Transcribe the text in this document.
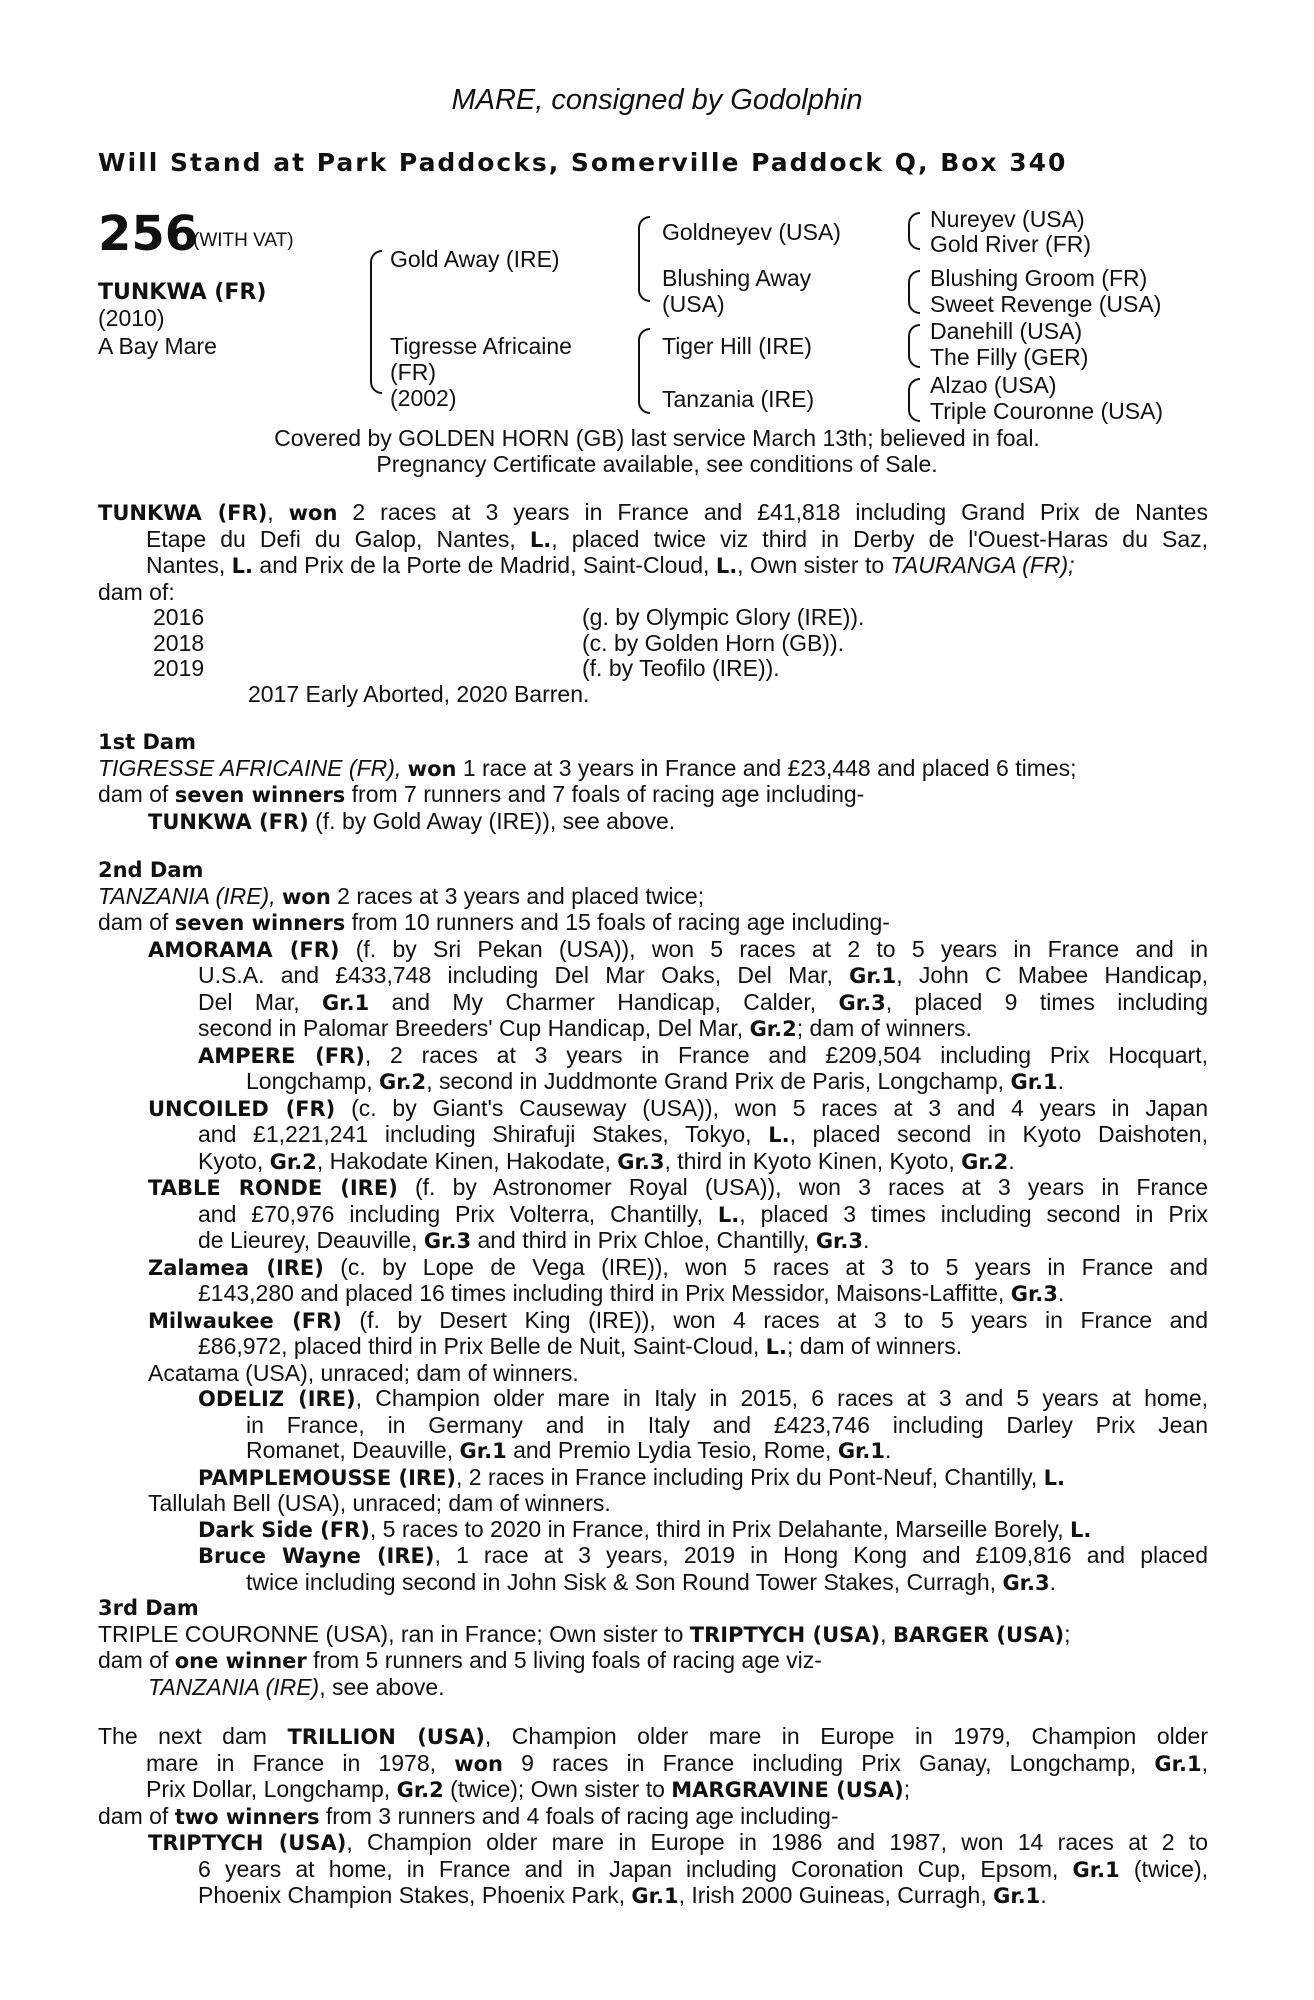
MARE, consigned by Godolphin
Will Stand at Park Paddocks, Somerville Paddock Q, Box 340
256
(WITH VAT)
TUNKWA (FR)
(2010)
A Bay Mare
Gold Away (IRE)
Tigresse Africaine
(FR)
(2002)
Goldneyev (USA)
Blushing Away
(USA)
Tiger Hill (IRE)
Tanzania (IRE)
Nureyev (USA)
Gold River (FR)
Blushing Groom (FR)
Sweet Revenge (USA)
Danehill (USA)
The Filly (GER)
Alzao (USA)
Triple Couronne (USA)
Covered by GOLDEN HORN (GB) last service March 13th; believed in foal.
Pregnancy Certificate available, see conditions of Sale.
TUNKWA (FR), won 2 races at 3 years in France and £41,818 including Grand Prix de Nantes
Etape du Defi du Galop, Nantes, L., placed twice viz third in Derby de l'Ouest-Haras du Saz,
Nantes, L. and Prix de la Porte de Madrid, Saint-Cloud, L., Own sister to TAURANGA (FR);
dam of:
2016	(g. by Olympic Glory (IRE)).
2018	(c. by Golden Horn (GB)).
2019	(f. by Teofilo (IRE)).
2017 Early Aborted, 2020 Barren.
1st Dam
TIGRESSE AFRICAINE (FR), won 1 race at 3 years in France and £23,448 and placed 6 times;
dam of seven winners from 7 runners and 7 foals of racing age including-
TUNKWA (FR) (f. by Gold Away (IRE)), see above.
2nd Dam
TANZANIA (IRE), won 2 races at 3 years and placed twice;
dam of seven winners from 10 runners and 15 foals of racing age including-
AMORAMA (FR) (f. by Sri Pekan (USA)), won 5 races at 2 to 5 years in France and in
U.S.A. and £433,748 including Del Mar Oaks, Del Mar, Gr.1, John C Mabee Handicap,
Del Mar, Gr.1 and My Charmer Handicap, Calder, Gr.3, placed 9 times including
second in Palomar Breeders' Cup Handicap, Del Mar, Gr.2; dam of winners.
AMPERE (FR), 2 races at 3 years in France and £209,504 including Prix Hocquart,
Longchamp, Gr.2, second in Juddmonte Grand Prix de Paris, Longchamp, Gr.1.
UNCOILED (FR) (c. by Giant's Causeway (USA)), won 5 races at 3 and 4 years in Japan
and £1,221,241 including Shirafuji Stakes, Tokyo, L., placed second in Kyoto Daishoten,
Kyoto, Gr.2, Hakodate Kinen, Hakodate, Gr.3, third in Kyoto Kinen, Kyoto, Gr.2.
TABLE RONDE (IRE) (f. by Astronomer Royal (USA)), won 3 races at 3 years in France
and £70,976 including Prix Volterra, Chantilly, L., placed 3 times including second in Prix
de Lieurey, Deauville, Gr.3 and third in Prix Chloe, Chantilly, Gr.3.
Zalamea (IRE) (c. by Lope de Vega (IRE)), won 5 races at 3 to 5 years in France and
£143,280 and placed 16 times including third in Prix Messidor, Maisons-Laffitte, Gr.3.
Milwaukee (FR) (f. by Desert King (IRE)), won 4 races at 3 to 5 years in France and
£86,972, placed third in Prix Belle de Nuit, Saint-Cloud, L.; dam of winners.
Acatama (USA), unraced; dam of winners.
ODELIZ (IRE), Champion older mare in Italy in 2015, 6 races at 3 and 5 years at home,
in France, in Germany and in Italy and £423,746 including Darley Prix Jean
Romanet, Deauville, Gr.1 and Premio Lydia Tesio, Rome, Gr.1.
PAMPLEMOUSSE (IRE), 2 races in France including Prix du Pont-Neuf, Chantilly, L.
Tallulah Bell (USA), unraced; dam of winners.
Dark Side (FR), 5 races to 2020 in France, third in Prix Delahante, Marseille Borely, L.
Bruce Wayne (IRE), 1 race at 3 years, 2019 in Hong Kong and £109,816 and placed
twice including second in John Sisk & Son Round Tower Stakes, Curragh, Gr.3.
3rd Dam
TRIPLE COURONNE (USA), ran in France; Own sister to TRIPTYCH (USA), BARGER (USA);
dam of one winner from 5 runners and 5 living foals of racing age viz-
TANZANIA (IRE), see above.
The next dam TRILLION (USA), Champion older mare in Europe in 1979, Champion older
mare in France in 1978, won 9 races in France including Prix Ganay, Longchamp, Gr.1,
Prix Dollar, Longchamp, Gr.2 (twice); Own sister to MARGRAVINE (USA);
dam of two winners from 3 runners and 4 foals of racing age including-
TRIPTYCH (USA), Champion older mare in Europe in 1986 and 1987, won 14 races at 2 to
6 years at home, in France and in Japan including Coronation Cup, Epsom, Gr.1 (twice),
Phoenix Champion Stakes, Phoenix Park, Gr.1, Irish 2000 Guineas, Curragh, Gr.1.
